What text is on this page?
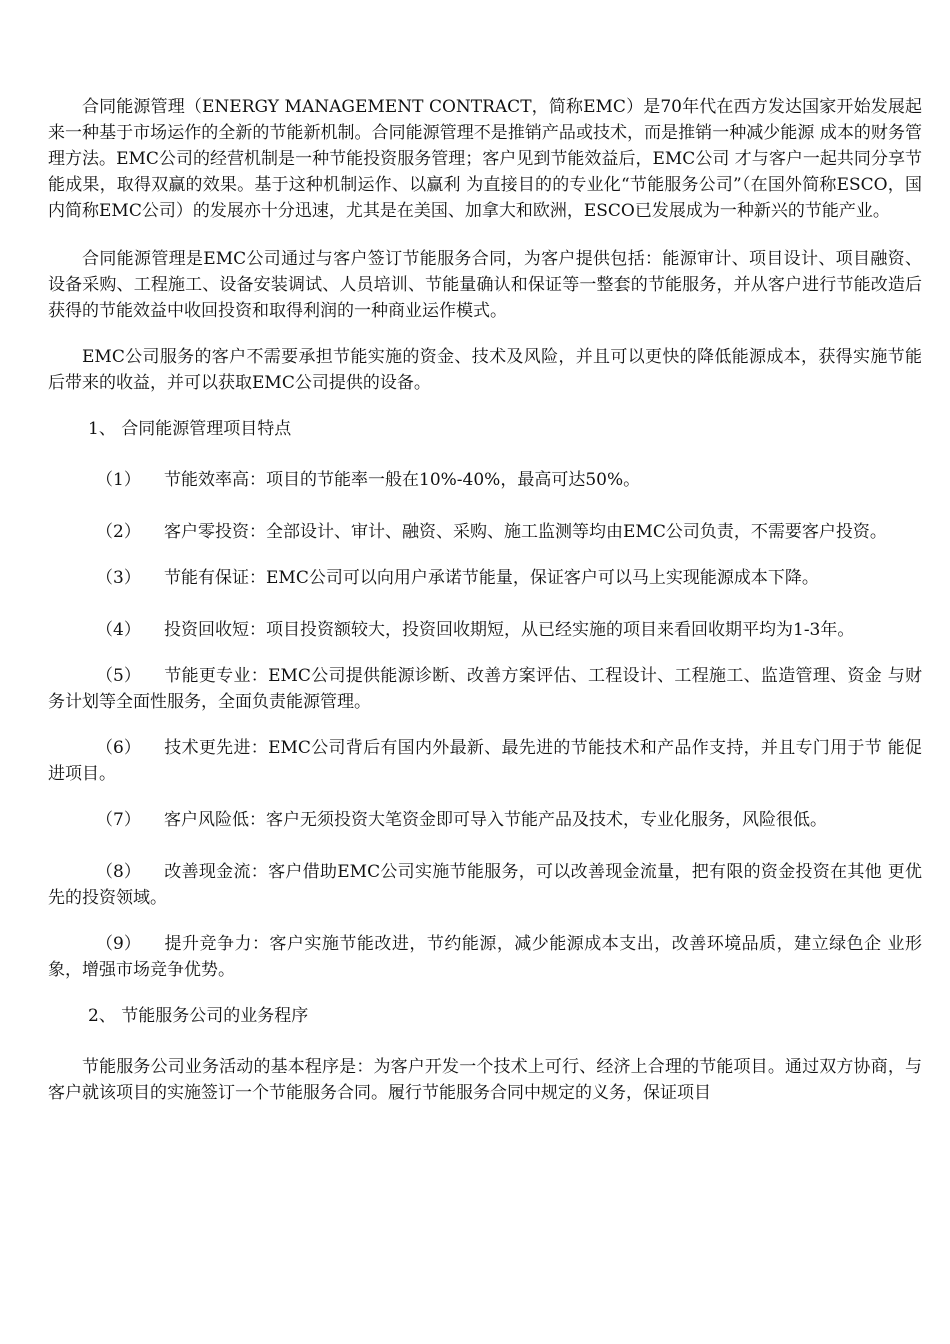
合同能源管理（ENERGY MANAGEMENT CONTRACT，简称EMC）是70年代在西方发达国家开始发展起 来一种基于市场运作的全新的节能新机制。合同能源管理不是推销产品或技术，而是推销一种减少能源 成本的财务管理方法。EMC公司的经营机制是一种节能投资服务管理；客户见到节能效益后，EMC公司 才与客户一起共同分享节能成果，取得双赢的效果。基于这种机制运作、以赢利 为直接目的的专业化“节能服务公司”（在国外简称ESCO，国内简称EMC公司）的发展亦十分迅速，尤其是在美国、加拿大和欧洲，ESCO已发展成为一种新兴的节能产业。

合同能源管理是EMC公司通过与客户签订节能服务合同，为客户提供包括：能源审计、项目设计、项目融资、设备采购、工程施工、设备安装调试、人员培训、节能量确认和保证等一整套的节能服务，并从客户进行节能改造后获得的节能效益中收回投资和取得利润的一种商业运作模式。

EMC公司服务的客户不需要承担节能实施的资金、技术及风险，并且可以更快的降低能源成本，获得实施节能后带来的收益，并可以获取EMC公司提供的设备。

1、 合同能源管理项目特点

（1） 节能效率高：项目的节能率一般在10%-40%，最高可达50%。

（2） 客户零投资：全部设计、审计、融资、采购、施工监测等均由EMC公司负责，不需要客户投资。

（3） 节能有保证：EMC公司可以向用户承诺节能量，保证客户可以马上实现能源成本下降。

（4） 投资回收短：项目投资额较大，投资回收期短，从已经实施的项目来看回收期平均为1-3年。

（5） 节能更专业：EMC公司提供能源诊断、改善方案评估、工程设计、工程施工、监造管理、资金 与财务计划等全面性服务，全面负责能源管理。

（6） 技术更先进：EMC公司背后有国内外最新、最先进的节能技术和产品作支持，并且专门用于节 能促进项目。

（7） 客户风险低：客户无须投资大笔资金即可导入节能产品及技术，专业化服务，风险很低。

（8） 改善现金流：客户借助EMC公司实施节能服务，可以改善现金流量，把有限的资金投资在其他 更优先的投资领域。

（9） 提升竞争力：客户实施节能改进，节约能源，减少能源成本支出，改善环境品质，建立绿色企 业形象，增强市场竞争优势。

2、 节能服务公司的业务程序

节能服务公司业务活动的基本程序是：为客户开发一个技术上可行、经济上合理的节能项目。通过双方协商，与客户就该项目的实施签订一个节能服务合同。履行节能服务合同中规定的义务，保证项目
